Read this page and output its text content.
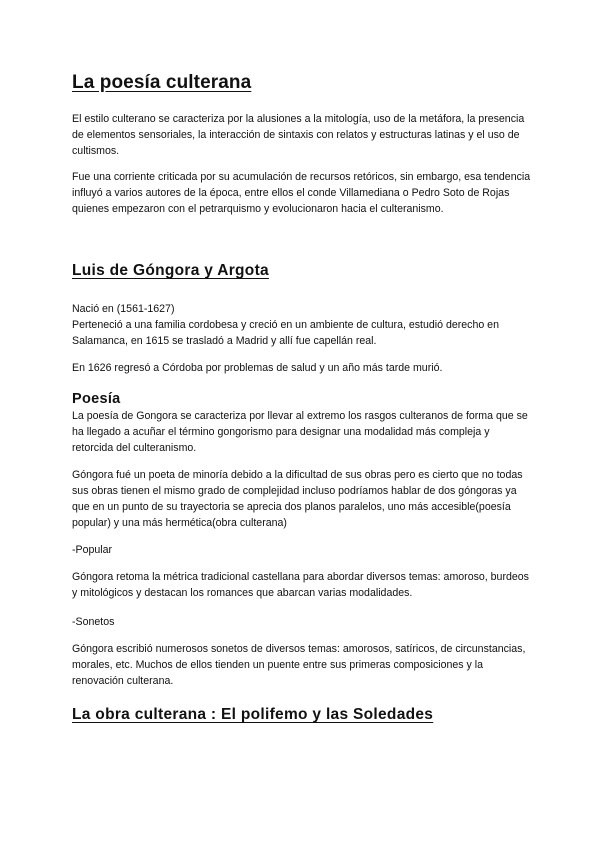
La poesía culterana

El estilo culterano se caracteriza por la alusiones a la mitología, uso de la metáfora, la presencia de elementos sensoriales, la interacción de sintaxis con relatos y estructuras latinas y el uso de cultismos.

Fue una corriente criticada por su acumulación de recursos retóricos, sin embargo, esa tendencia influyó a varios autores de la época, entre ellos el conde Villamediana o Pedro Soto de Rojas quienes empezaron con el petrarquismo y evolucionaron hacia el culteranismo.

Luis de Góngora y Argota

Nació en (1561-1627)

Perteneció a una familia cordobesa y creció en un ambiente de cultura, estudió derecho en Salamanca, en 1615 se trasladó a Madrid y allí fue capellán real.

En 1626 regresó a Córdoba por problemas de salud y un año más tarde murió.

Poesía

La poesía de Gongora se caracteriza por llevar al extremo los rasgos culteranos de forma que se ha llegado a acuñar el término gongorismo para designar una modalidad más compleja y retorcida del culteranismo.

Góngora fué un poeta de minoría debido a la dificultad de sus obras pero es cierto que no todas sus obras tienen el mismo grado de complejidad incluso podríamos hablar de dos góngoras ya que en un punto de su trayectoria se aprecia dos planos paralelos, uno más accesible(poesía popular) y una más hermética(obra culterana)

-Popular

Góngora retoma la métrica tradicional castellana para abordar diversos temas: amoroso, burdeos y mitológicos y destacan los romances que abarcan varias modalidades.

-Sonetos

Góngora escribió numerosos sonetos de diversos temas: amorosos, satíricos, de circunstancias, morales, etc. Muchos de ellos tienden un puente entre sus primeras composiciones y la renovación culterana.

La obra culterana : El polifemo y las Soledades
